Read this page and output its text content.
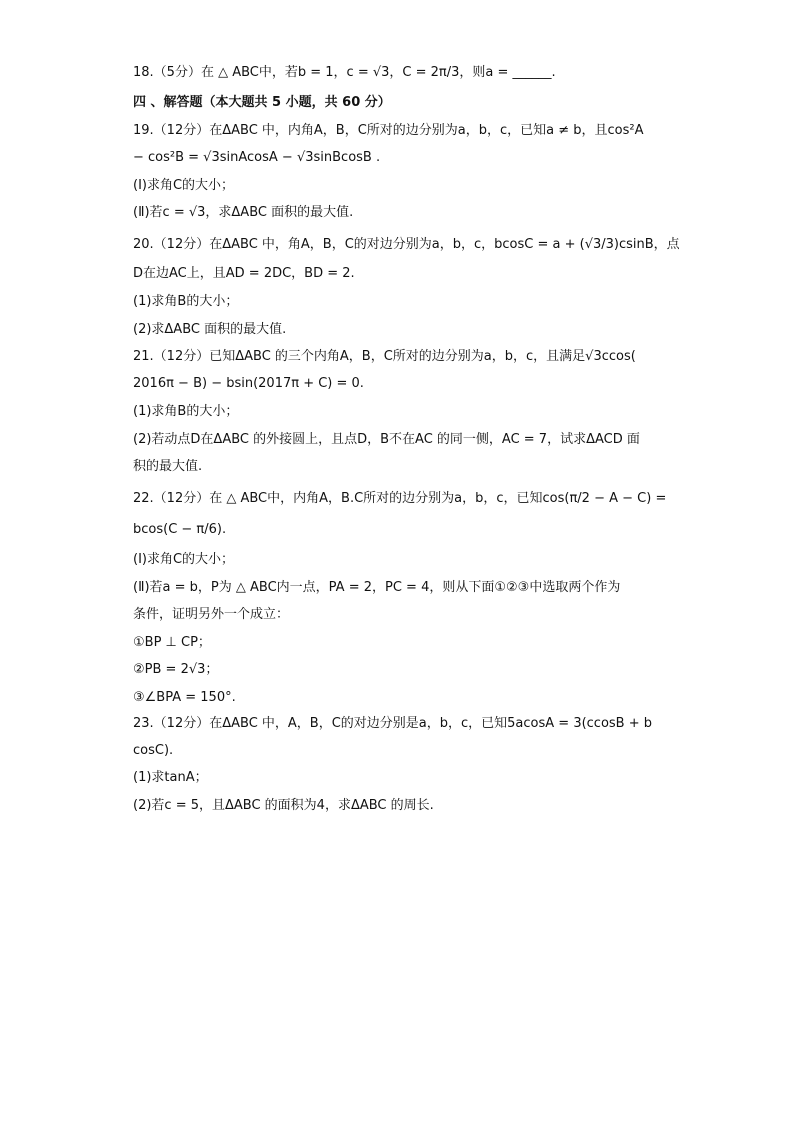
18.（5分）在 △ ABC中，若b = 1，c = √3，C = 2π/3，则a = ______.
四 、解答题（本大题共 5 小题，共 60 分）
19.（12分）在ΔABC 中，内角A，B，C所对的边分别为a，b，c，已知a ≠ b，且cos²A
− cos²B = √3sinAcosA − √3sinBcosB .
(Ⅰ)求角C的大小；
(Ⅱ)若c = √3，求ΔABC 面积的最大值.
20.（12分）在ΔABC 中，角A，B，C的对边分别为a，b，c，bcosC = a + (√3/3)csinB，点
D在边AC上，且AD = 2DC，BD = 2.
(1)求角B的大小；
(2)求ΔABC 面积的最大值.
21.（12分）已知ΔABC 的三个内角A，B，C所对的边分别为a，b，c，且满足√3ccos(
2016π − B) − bsin(2017π + C) = 0.
(1)求角B的大小；
(2)若动点D在ΔABC 的外接圆上，且点D，B不在AC 的同一侧，AC = 7，试求ΔACD 面
积的最大值.
22.（12分）在 △ ABC中，内角A，B.C所对的边分别为a，b，c，已知cos(π/2 − A − C) =
bcos(C − π/6).
(Ⅰ)求角C的大小；
(Ⅱ)若a = b，P为 △ ABC内一点，PA = 2，PC = 4，则从下面①②③中选取两个作为
条件，证明另外一个成立：
①BP ⊥ CP；
②PB = 2√3；
③∠BPA = 150°.
23.（12分）在ΔABC 中，A，B，C的对边分别是a，b，c，已知5acosA = 3(ccosB + b
cosC).
(1)求tanA；
(2)若c = 5，且ΔABC 的面积为4，求ΔABC 的周长.
